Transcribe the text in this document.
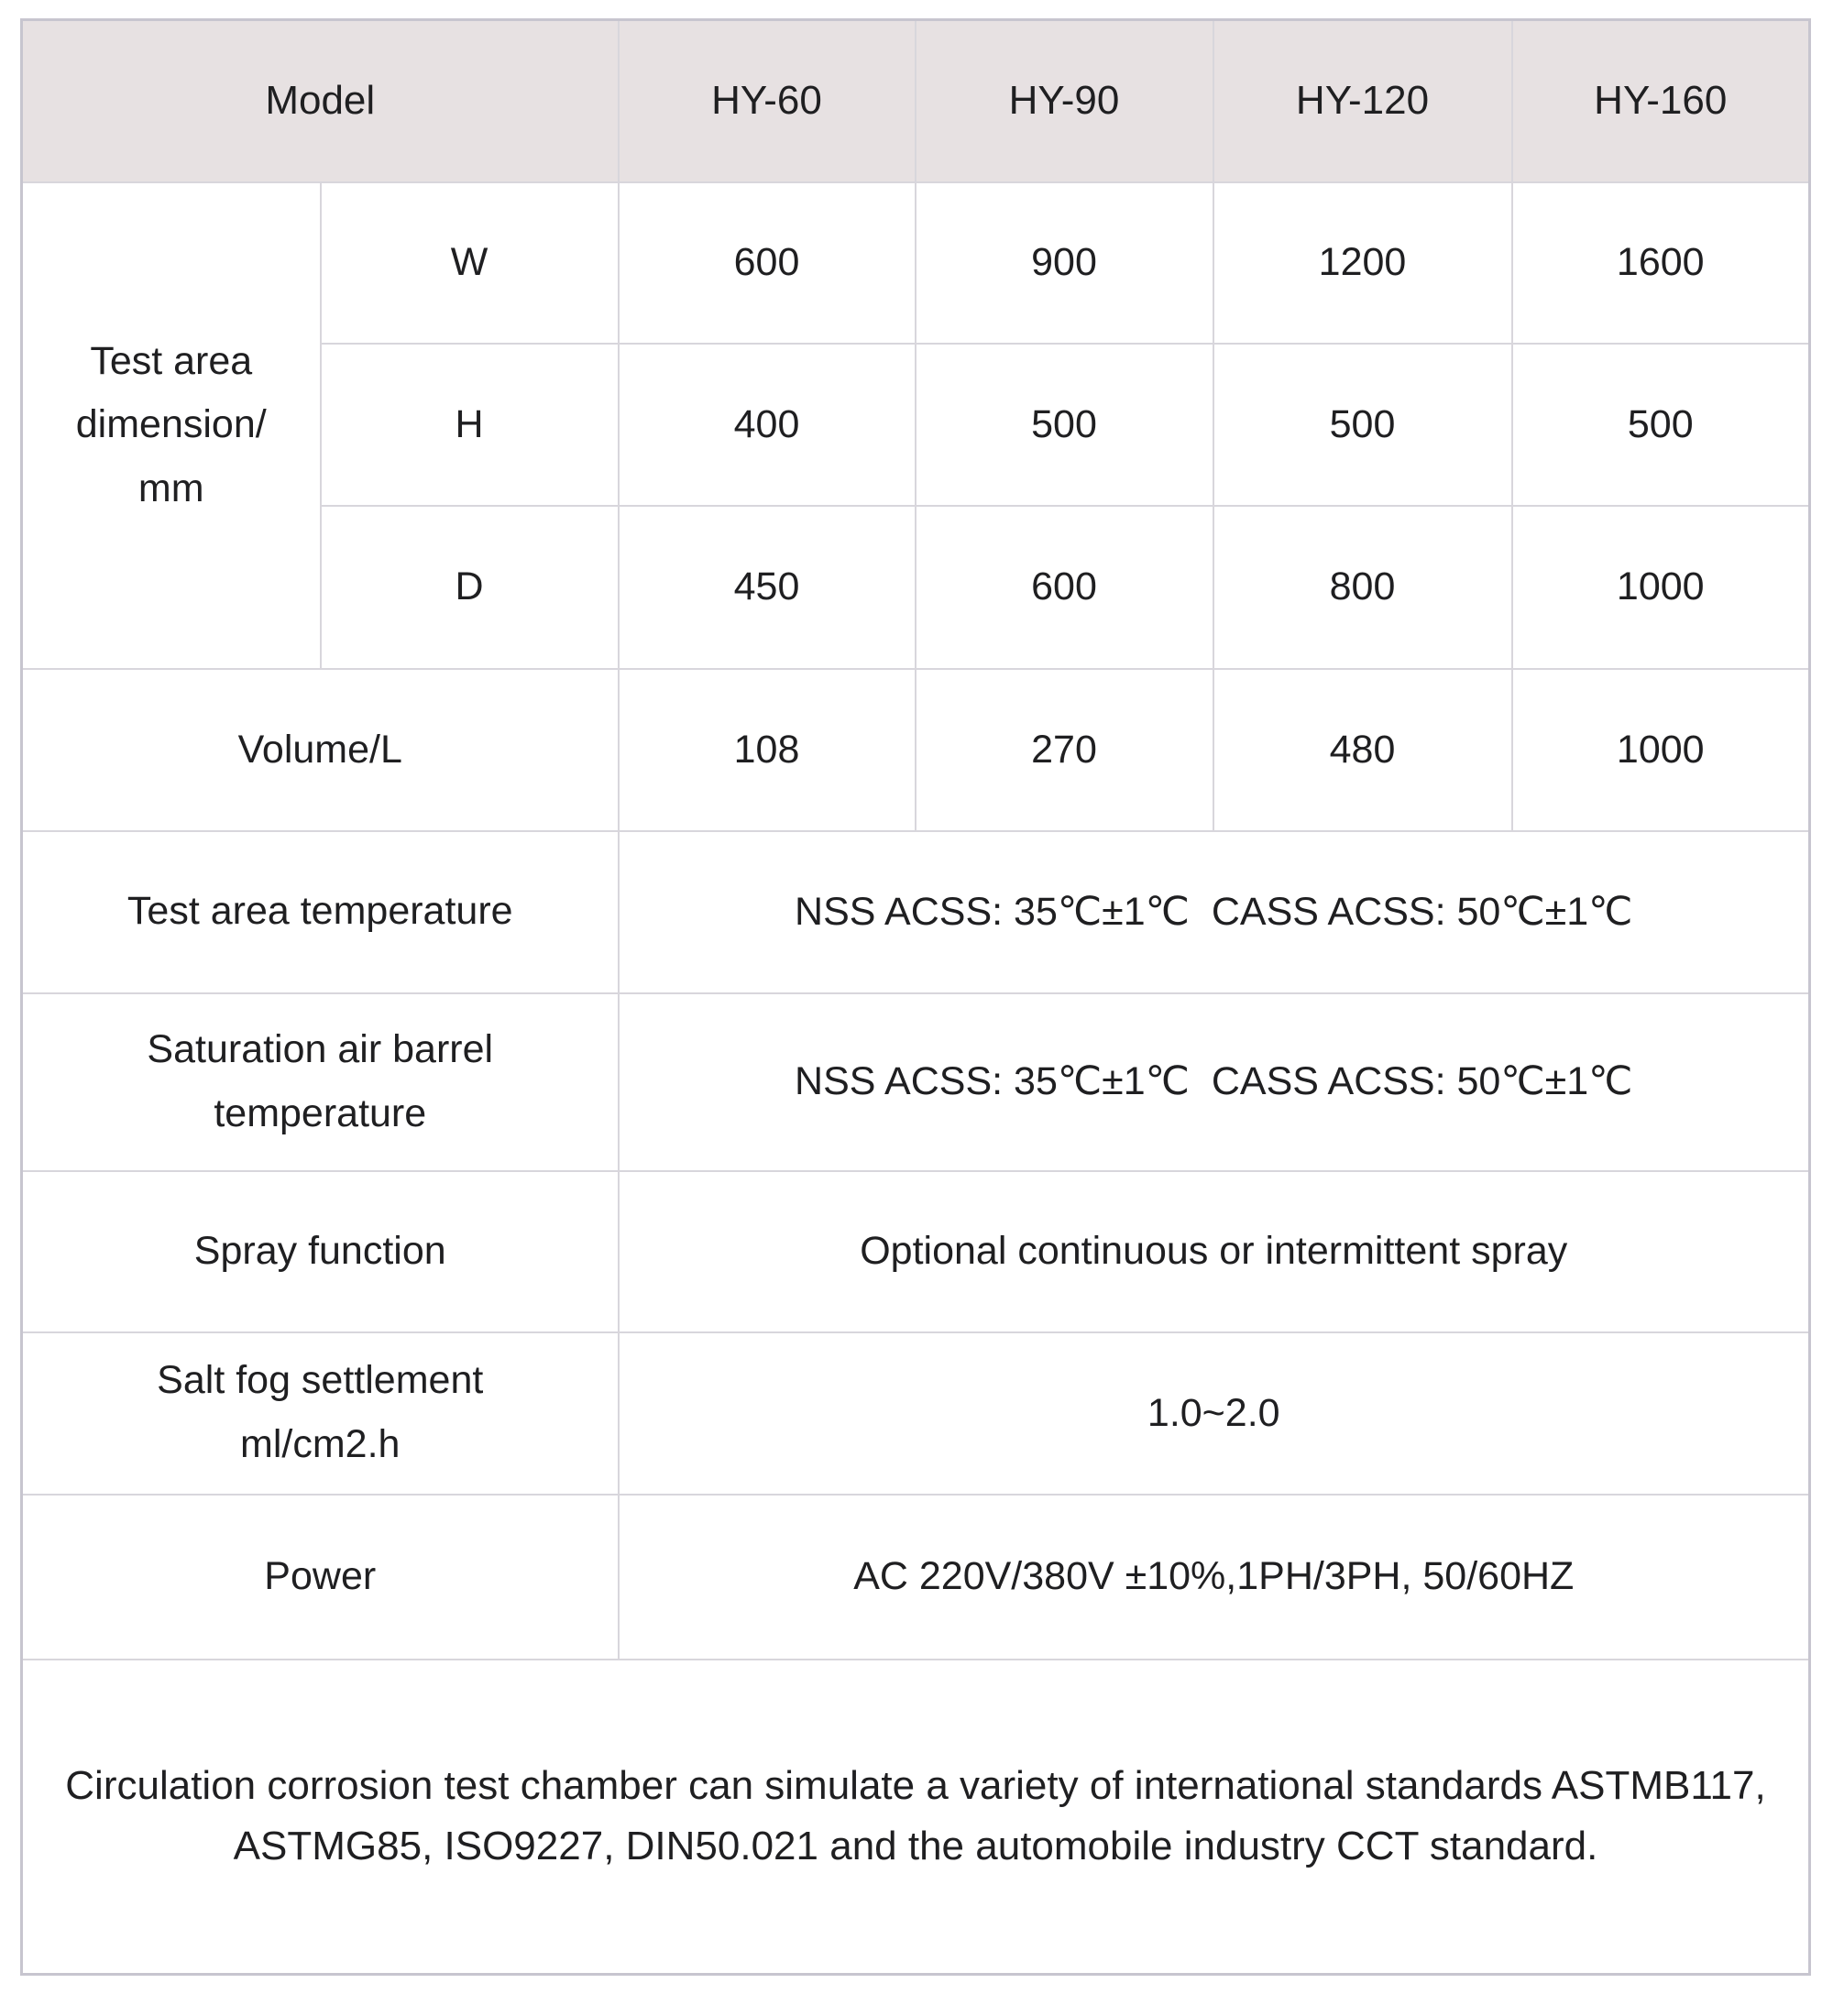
Model		HY-60	HY-90	HY-120	HY-160

Test area
dimension/
mm	W	600	900	1200	1600
	H	400	500	500	500
	D	450	600	800	1000
Volume/L		108	270	480	1000

Test area temperature		NSS ACSS: 35℃±1℃  CASS ACSS: 50℃±1℃			

Saturation air barrel
temperature		NSS ACSS: 35℃±1℃  CASS ACSS: 50℃±1℃			

Spray function		Optional continuous or intermittent spray			

Salt fog settlement
ml/cm2.h		1.0~2.0			

Power		AC 220V/380V ±10%,1PH/3PH, 50/60HZ			

Circulation corrosion test chamber can simulate a variety of international standards ASTMB117,
ASTMG85, ISO9227, DIN50.021 and the automobile industry CCT standard.					
